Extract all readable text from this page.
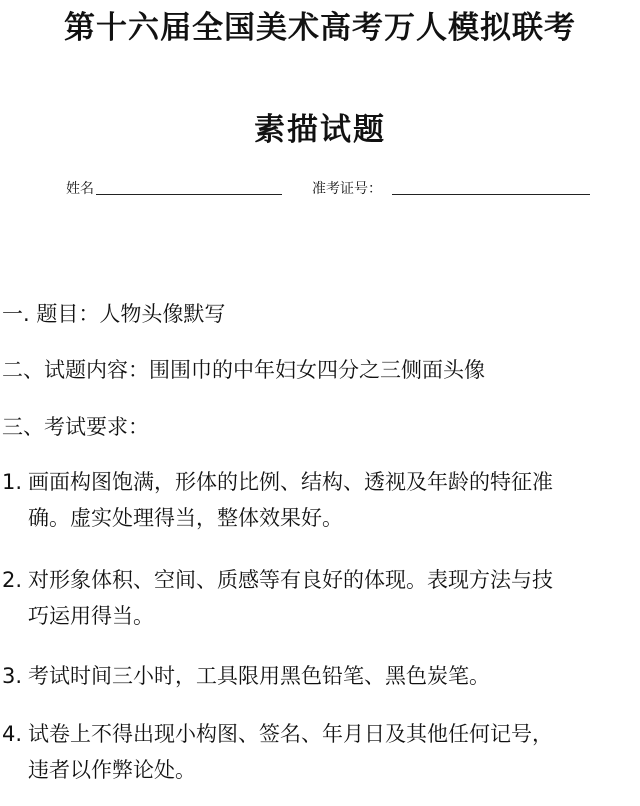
第十六届全国美术高考万人模拟联考
素描试题
姓名	准考证号：
一. 题目：人物头像默写
二、试题内容：围围巾的中年妇女四分之三侧面头像
三、考试要求：
1. 画面构图饱满，形体的比例、结构、透视及年龄的特征准
确。虚实处理得当，整体效果好。
2. 对形象体积、空间、质感等有良好的体现。表现方法与技
巧运用得当。
3. 考试时间三小时，工具限用黑色铅笔、黑色炭笔。
4. 试卷上不得出现小构图、签名、年月日及其他任何记号，
违者以作弊论处。
